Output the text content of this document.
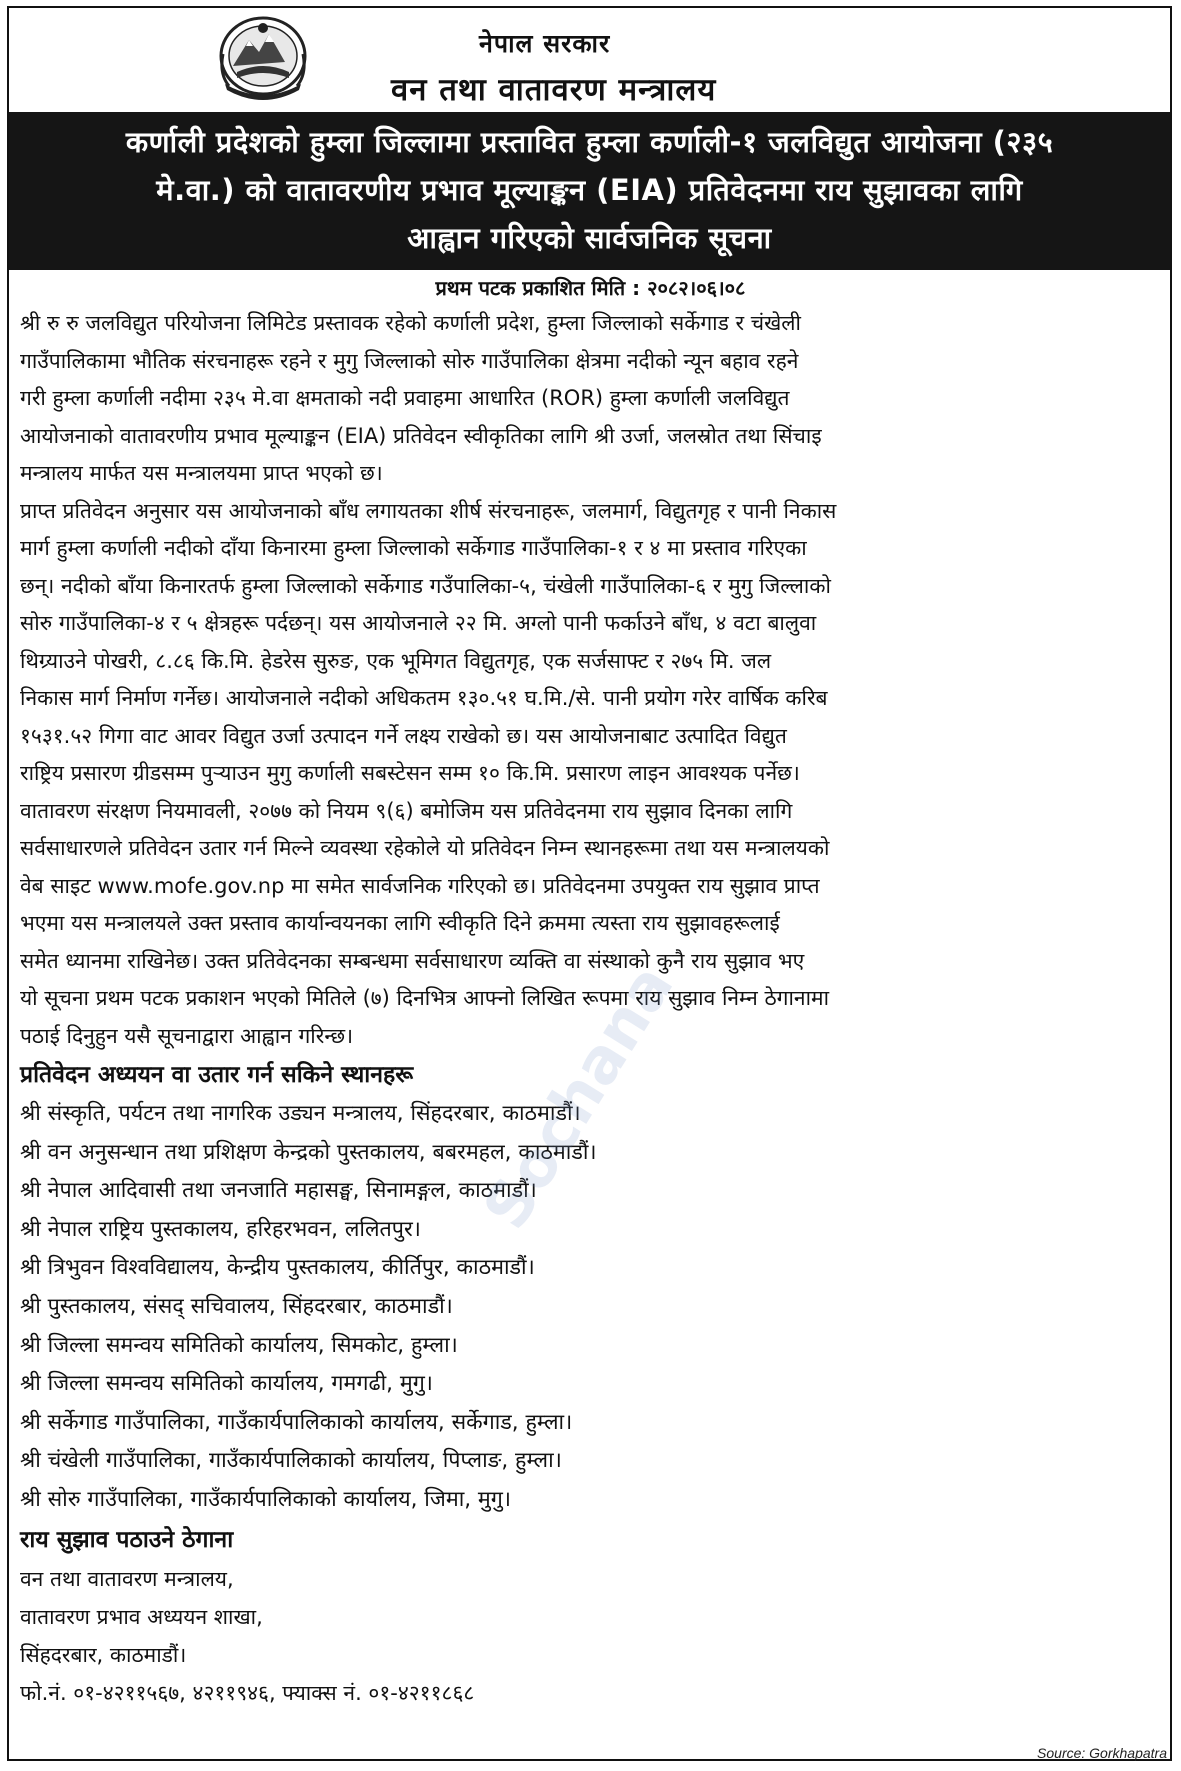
नेपाल सरकार
वन तथा वातावरण मन्त्रालय
कर्णाली प्रदेशको हुम्ला जिल्लामा प्रस्तावित हुम्ला कर्णाली-१ जलविद्युत आयोजना (२३५
मे.वा.) को वातावरणीय प्रभाव मूल्याङ्कन (EIA) प्रतिवेदनमा राय सुझावका लागि
आह्वान गरिएको सार्वजनिक सूचना
प्रथम पटक प्रकाशित मिति : २०८२।०६।०८

श्री रु रु जलविद्युत परियोजना लिमिटेड प्रस्तावक रहेको कर्णाली प्रदेश, हुम्ला जिल्लाको सर्केगाड र चंखेली
गाउँपालिकामा भौतिक संरचनाहरू रहने र मुगु जिल्लाको सोरु गाउँपालिका क्षेत्रमा नदीको न्यून बहाव रहने
गरी हुम्ला कर्णाली नदीमा २३५ मे.वा क्षमताको नदी प्रवाहमा आधारित (ROR) हुम्ला कर्णाली जलविद्युत
आयोजनाको वातावरणीय प्रभाव मूल्याङ्कन (EIA) प्रतिवेदन स्वीकृतिका लागि श्री उर्जा, जलस्रोत तथा सिंचाइ
मन्त्रालय मार्फत यस मन्त्रालयमा प्राप्त भएको छ।

प्राप्त प्रतिवेदन अनुसार यस आयोजनाको बाँध लगायतका शीर्ष संरचनाहरू, जलमार्ग, विद्युतगृह र पानी निकास
मार्ग हुम्ला कर्णाली नदीको दाँया किनारमा हुम्ला जिल्लाको सर्केगाड गाउँपालिका-१ र ४ मा प्रस्ताव गरिएका
छन्। नदीको बाँया किनारतर्फ हुम्ला जिल्लाको सर्केगाड गउँपालिका-५, चंखेली गाउँपालिका-६ र मुगु जिल्लाको
सोरु गाउँपालिका-४ र ५ क्षेत्रहरू पर्दछन्। यस आयोजनाले २२ मि. अग्लो पानी फर्काउने बाँध, ४ वटा बालुवा
थिग्र्याउने पोखरी, ८.८६ कि.मि. हेडरेस सुरुङ, एक भूमिगत विद्युतगृह, एक सर्जसाफ्ट र २७५ मि. जल
निकास मार्ग निर्माण गर्नेछ। आयोजनाले नदीको अधिकतम १३०.५१ घ.मि./से. पानी प्रयोग गरेर वार्षिक करिब
१५३१.५२ गिगा वाट आवर विद्युत उर्जा उत्पादन गर्ने लक्ष्य राखेको छ। यस आयोजनाबाट उत्पादित विद्युत
राष्ट्रिय प्रसारण ग्रीडसम्म पुऱ्याउन मुगु कर्णाली सबस्टेसन सम्म १० कि.मि. प्रसारण लाइन आवश्यक पर्नेछ।

वातावरण संरक्षण नियमावली, २०७७ को नियम ९(६) बमोजिम यस प्रतिवेदनमा राय सुझाव दिनका लागि
सर्वसाधारणले प्रतिवेदन उतार गर्न मिल्ने व्यवस्था रहेकोले यो प्रतिवेदन निम्न स्थानहरूमा तथा यस मन्त्रालयको
वेब साइट www.mofe.gov.np मा समेत सार्वजनिक गरिएको छ। प्रतिवेदनमा उपयुक्त राय सुझाव प्राप्त
भएमा यस मन्त्रालयले उक्त प्रस्ताव कार्यान्वयनका लागि स्वीकृति दिने क्रममा त्यस्ता राय सुझावहरूलाई
समेत ध्यानमा राखिनेछ। उक्त प्रतिवेदनका सम्बन्धमा सर्वसाधारण व्यक्ति वा संस्थाको कुनै राय सुझाव भए
यो सूचना प्रथम पटक प्रकाशन भएको मितिले (७) दिनभित्र आफ्नो लिखित रूपमा राय सुझाव निम्न ठेगानामा
पठाई दिनुहुन यसै सूचनाद्वारा आह्वान गरिन्छ।

प्रतिवेदन अध्ययन वा उतार गर्न सकिने स्थानहरू

श्री संस्कृति, पर्यटन तथा नागरिक उड्यन मन्त्रालय, सिंहदरबार, काठमाडौं।

श्री वन अनुसन्धान तथा प्रशिक्षण केन्द्रको पुस्तकालय, बबरमहल, काठमाडौं।

श्री नेपाल आदिवासी तथा जनजाति महासङ्घ, सिनामङ्गल, काठमाडौं।

श्री नेपाल राष्ट्रिय पुस्तकालय, हरिहरभवन, ललितपुर।

श्री त्रिभुवन विश्वविद्यालय, केन्द्रीय पुस्तकालय, कीर्तिपुर, काठमाडौं।

श्री पुस्तकालय, संसद् सचिवालय, सिंहदरबार, काठमाडौं।

श्री जिल्ला समन्वय समितिको कार्यालय, सिमकोट, हुम्ला।

श्री जिल्ला समन्वय समितिको कार्यालय, गमगढी, मुगु।

श्री सर्केगाड गाउँपालिका, गाउँकार्यपालिकाको कार्यालय, सर्केगाड, हुम्ला।

श्री चंखेली गाउँपालिका, गाउँकार्यपालिकाको कार्यालय, पिप्लाङ, हुम्ला।

श्री सोरु गाउँपालिका, गाउँकार्यपालिकाको कार्यालय, जिमा, मुगु।

राय सुझाव पठाउने ठेगाना

वन तथा वातावरण मन्त्रालय,

वातावरण प्रभाव अध्ययन शाखा,

सिंहदरबार, काठमाडौं।

फो.नं. ०१-४२११५६७, ४२११९४६, फ्याक्स नं. ०१-४२११८६८

Sochana
Source: Gorkhapatra
